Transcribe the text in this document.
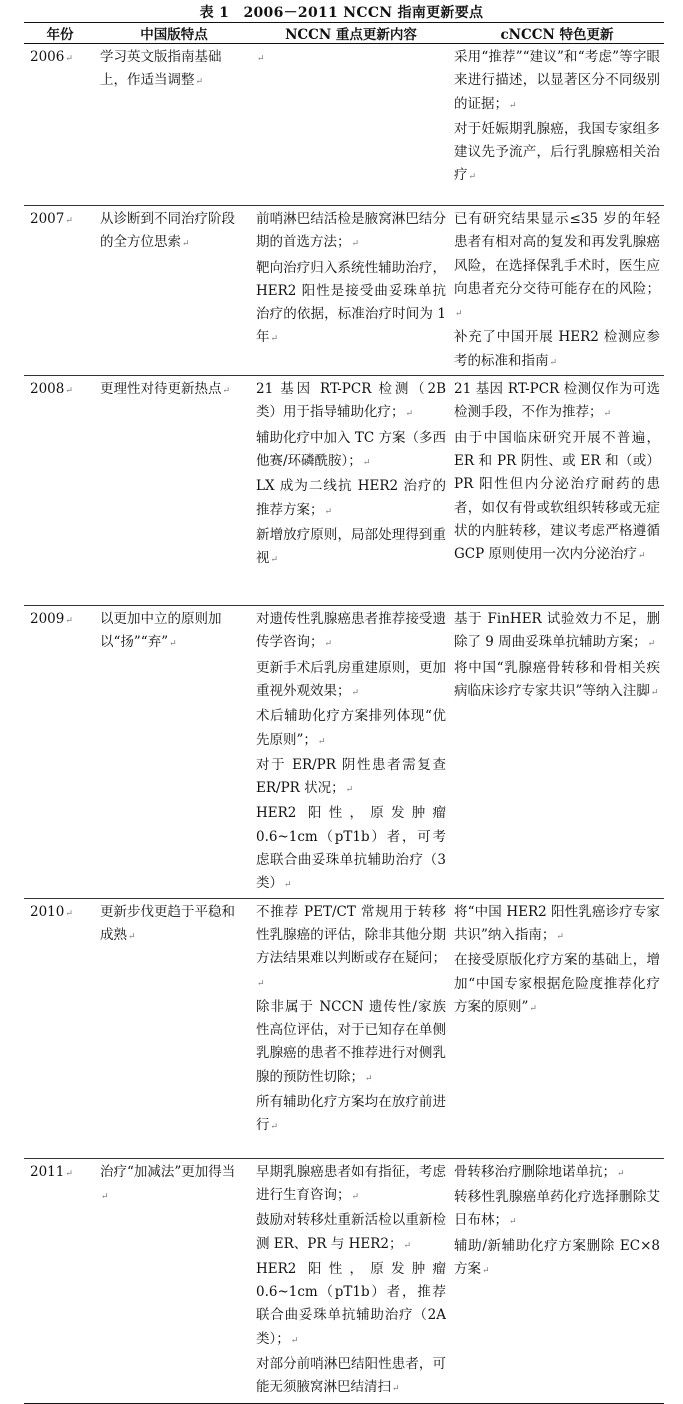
表 1　2006－2011 NCCN 指南更新要点
年份	中国版特点	NCCN 重点更新内容	cNCCN 特色更新

2006↵	学习英文版指南基础上，作适当调整↵	↵	采用“推荐”“建议”和“考虑”等字眼来进行描述，以显著区分不同级别的证据；↵
对于妊娠期乳腺癌，我国专家组多建议先予流产，后行乳腺癌相关治疗↵

2007↵	从诊断到不同治疗阶段的全方位思索↵	前哨淋巴结活检是腋窝淋巴结分期的首选方法；↵
靶向治疗归入系统性辅助治疗，HER2 阳性是接受曲妥珠单抗治疗的依据，标准治疗时间为 1 年↵	已有研究结果显示≤35 岁的年轻患者有相对高的复发和再发乳腺癌风险，在选择保乳手术时，医生应向患者充分交待可能存在的风险；↵
补充了中国开展 HER2 检测应参考的标准和指南↵

2008↵	更理性对待更新热点↵	21 基因 RT-PCR 检测（2B 类）用于指导辅助化疗；↵
辅助化疗中加入 TC 方案（多西他赛/环磷酰胺）；↵
LX 成为二线抗 HER2 治疗的推荐方案；↵
新增放疗原则，局部处理得到重视↵	21 基因 RT-PCR 检测仅作为可选检测手段，不作为推荐；↵
由于中国临床研究开展不普遍，ER 和 PR 阴性、或 ER 和（或）PR 阳性但内分泌治疗耐药的患者，如仅有骨或软组织转移或无症状的内脏转移，建议考虑严格遵循 GCP 原则使用一次内分泌治疗↵

2009↵	以更加中立的原则加以“扬”“弃”↵	对遗传性乳腺癌患者推荐接受遗传学咨询；↵
更新手术后乳房重建原则，更加重视外观效果；↵
术后辅助化疗方案排列体现“优先原则”；↵
对于 ER/PR 阴性患者需复查 ER/PR 状况；↵
HER2 阳性，原发肿瘤 0.6~1cm（pT1b）者，可考虑联合曲妥珠单抗辅助治疗（3 类）↵	基于 FinHER 试验效力不足，删除了 9 周曲妥珠单抗辅助方案；↵
将中国“乳腺癌骨转移和骨相关疾病临床诊疗专家共识”等纳入注脚↵

2010↵	更新步伐更趋于平稳和成熟↵	不推荐 PET/CT 常规用于转移性乳腺癌的评估，除非其他分期方法结果难以判断或存在疑问；↵
除非属于 NCCN 遗传性/家族性高位评估，对于已知存在单侧乳腺癌的患者不推荐进行对侧乳腺的预防性切除；↵
所有辅助化疗方案均在放疗前进行↵	将“中国 HER2 阳性乳癌诊疗专家共识”纳入指南；↵
在接受原版化疗方案的基础上，增加“中国专家根据危险度推荐化疗方案的原则”↵

2011↵	治疗“加减法”更加得当↵	早期乳腺癌患者如有指征，考虑进行生育咨询；↵
鼓励对转移灶重新活检以重新检测 ER、PR 与 HER2；↵
HER2 阳性，原发肿瘤 0.6~1cm（pT1b）者，推荐联合曲妥珠单抗辅助治疗（2A 类）；↵
对部分前哨淋巴结阳性患者，可能无须腋窝淋巴结清扫↵	骨转移治疗删除地诺单抗；↵
转移性乳腺癌单药化疗选择删除艾日布林；↵
辅助/新辅助化疗方案删除 EC×8 方案↵
